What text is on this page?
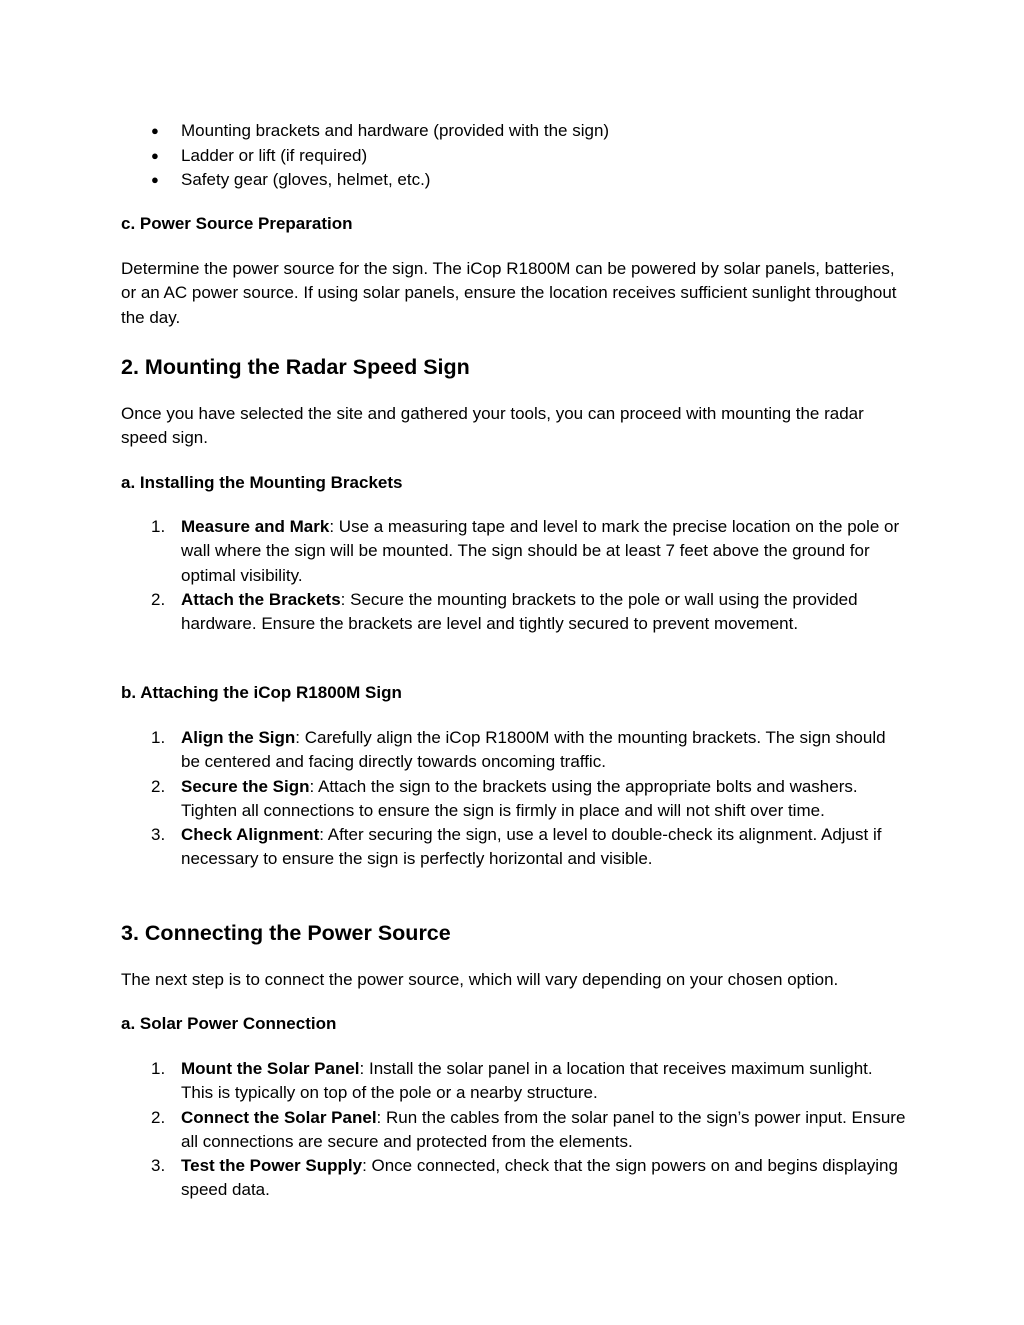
● Mounting brackets and hardware (provided with the sign)
● Ladder or lift (if required)
● Safety gear (gloves, helmet, etc.)
c. Power Source Preparation
Determine the power source for the sign. The iCop R1800M can be powered by solar panels, batteries, or an AC power source. If using solar panels, ensure the location receives sufficient sunlight throughout the day.
2. Mounting the Radar Speed Sign
Once you have selected the site and gathered your tools, you can proceed with mounting the radar speed sign.
a. Installing the Mounting Brackets
1. Measure and Mark: Use a measuring tape and level to mark the precise location on the pole or wall where the sign will be mounted. The sign should be at least 7 feet above the ground for optimal visibility.
2. Attach the Brackets: Secure the mounting brackets to the pole or wall using the provided hardware. Ensure the brackets are level and tightly secured to prevent movement.
b. Attaching the iCop R1800M Sign
1. Align the Sign: Carefully align the iCop R1800M with the mounting brackets. The sign should be centered and facing directly towards oncoming traffic.
2. Secure the Sign: Attach the sign to the brackets using the appropriate bolts and washers. Tighten all connections to ensure the sign is firmly in place and will not shift over time.
3. Check Alignment: After securing the sign, use a level to double-check its alignment. Adjust if necessary to ensure the sign is perfectly horizontal and visible.
3. Connecting the Power Source
The next step is to connect the power source, which will vary depending on your chosen option.
a. Solar Power Connection
1. Mount the Solar Panel: Install the solar panel in a location that receives maximum sunlight. This is typically on top of the pole or a nearby structure.
2. Connect the Solar Panel: Run the cables from the solar panel to the sign’s power input. Ensure all connections are secure and protected from the elements.
3. Test the Power Supply: Once connected, check that the sign powers on and begins displaying speed data.
